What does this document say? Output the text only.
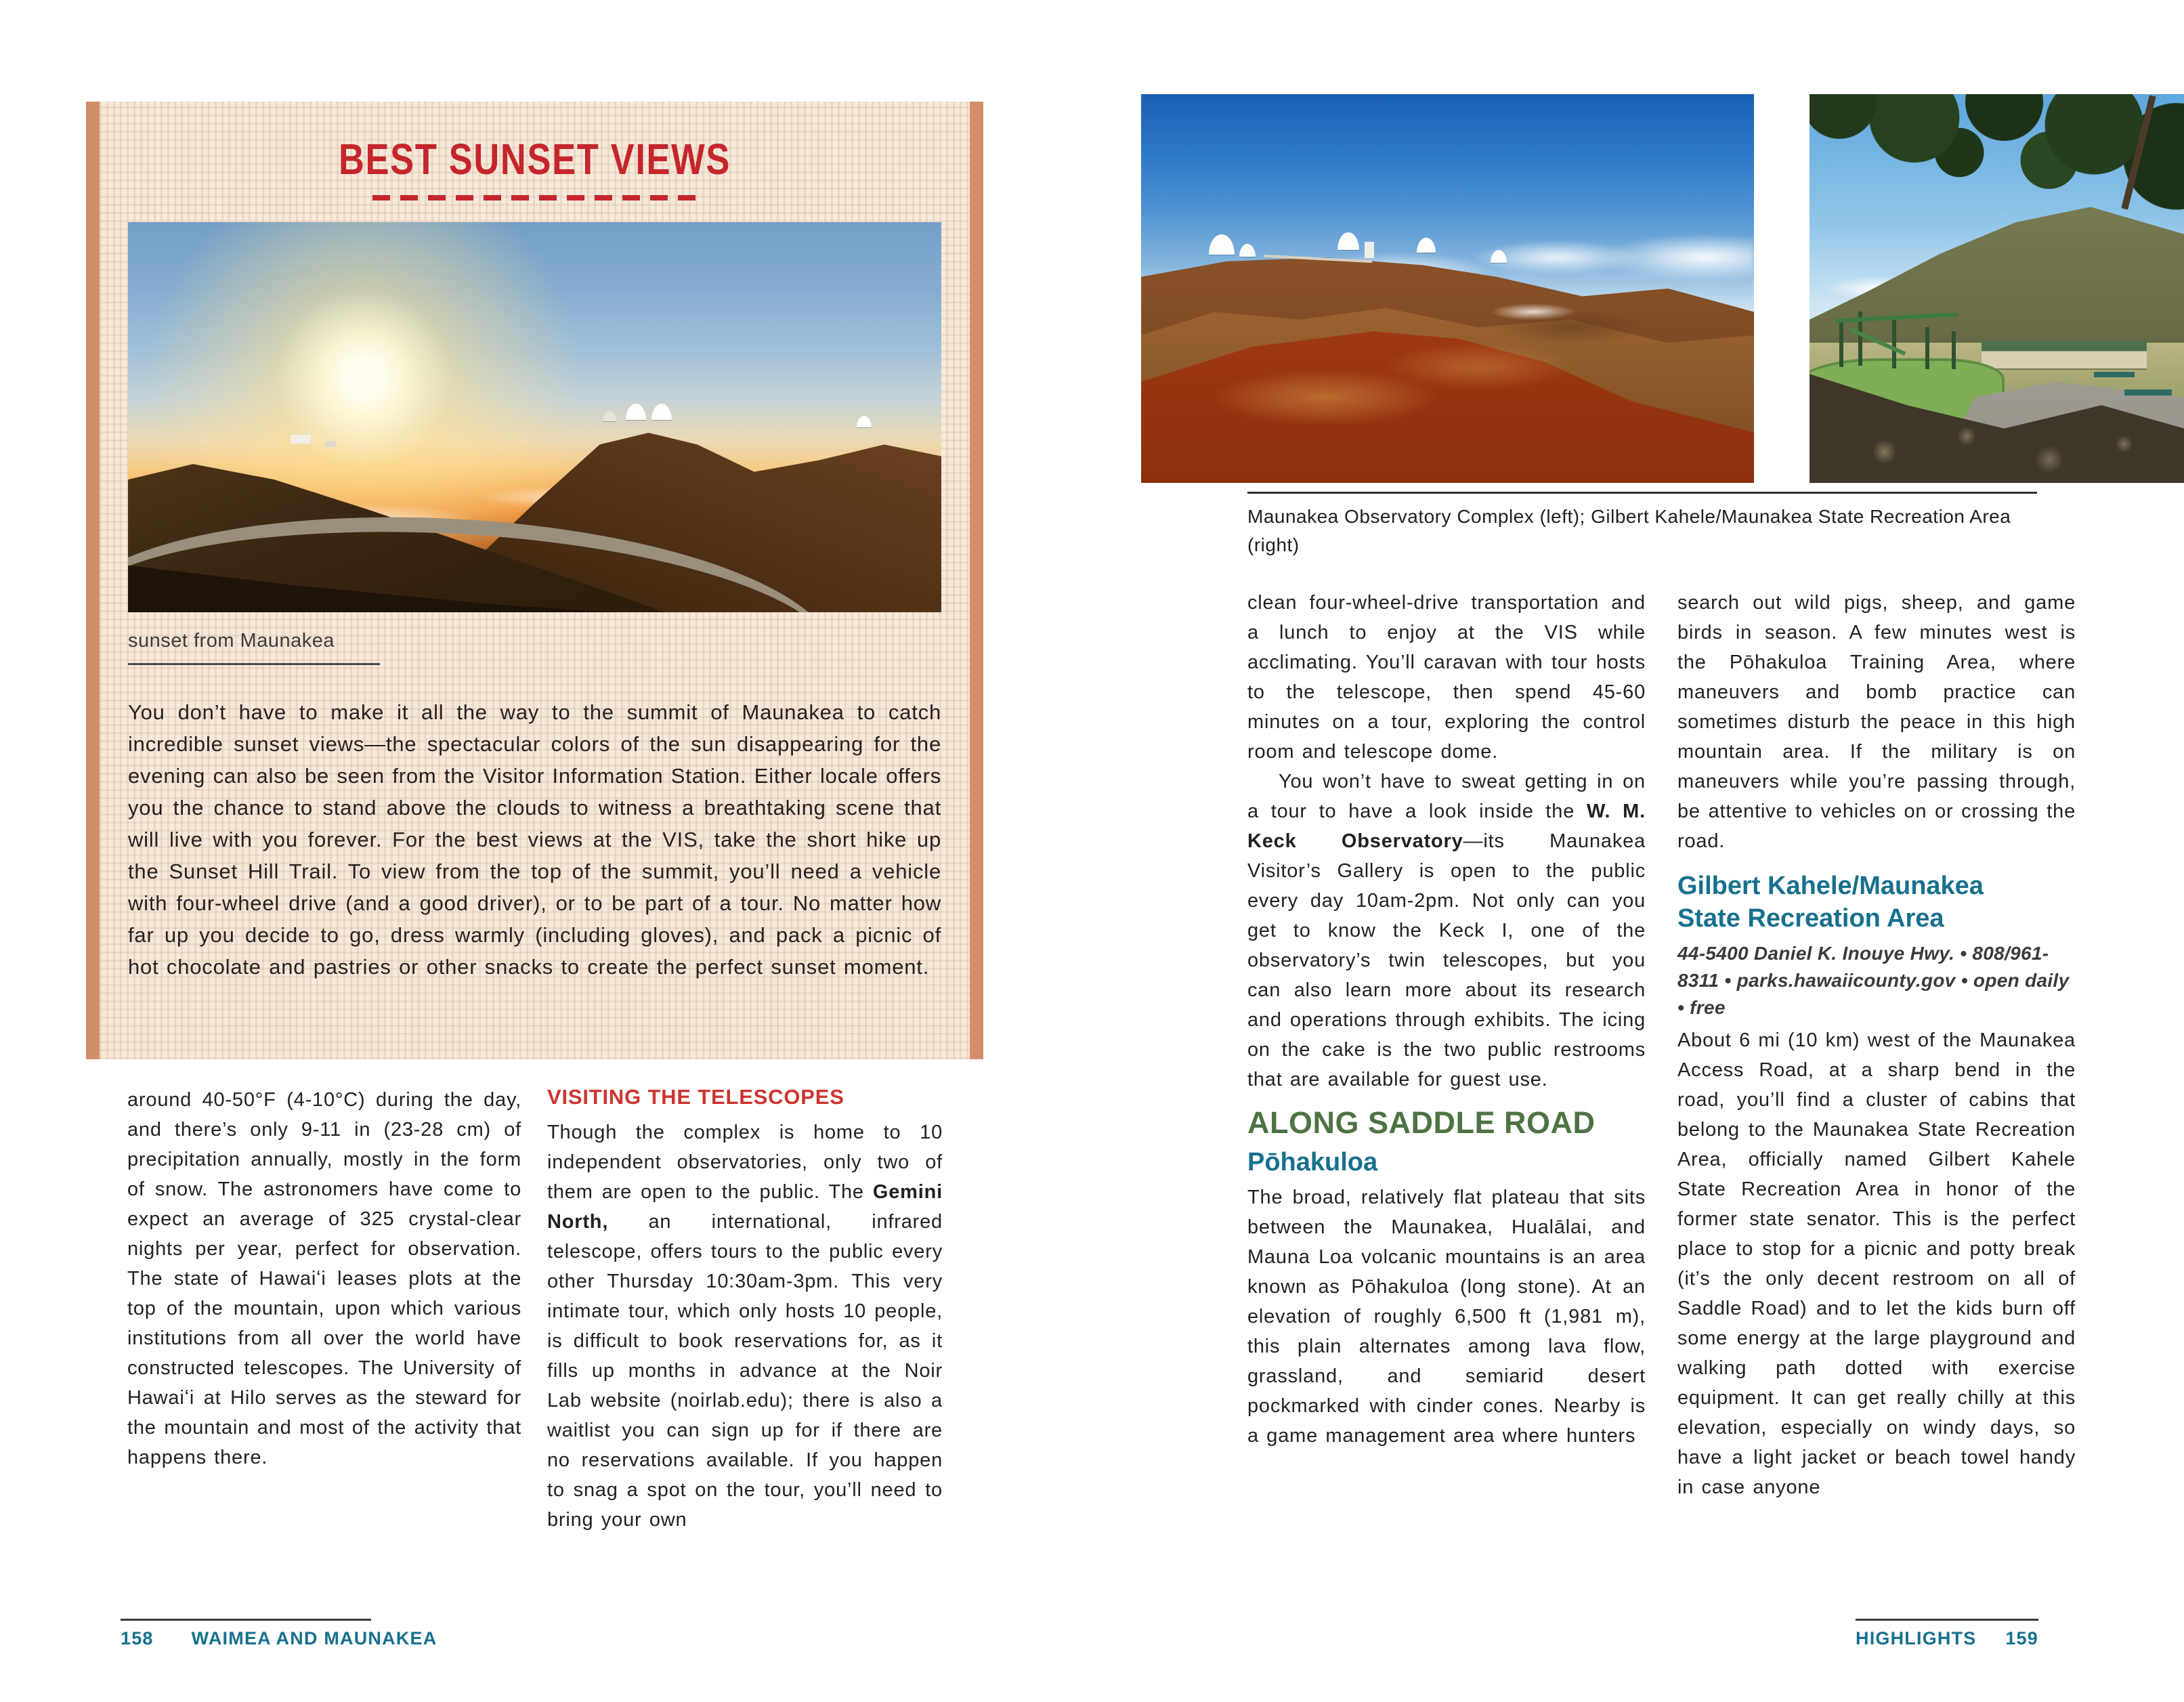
BEST SUNSET VIEWS
sunset from Maunakea

You don’t have to make it all the way to the summit of Maunakea to catch incredible sunset views—the spectacular colors of the sun disappearing for the evening can also be seen from the Visitor Information Station. Either locale offers you the chance to stand above the clouds to witness a breathtaking scene that will live with you forever. For the best views at the VIS, take the short hike up the Sunset Hill Trail. To view from the top of the summit, you’ll need a vehicle with four-wheel drive (and a good driver), or to be part of a tour. No matter how far up you decide to go, dress warmly (including gloves), and pack a picnic of hot chocolate and pastries or other snacks to create the perfect sunset moment.

around 40-50°F (4-10°C) during the day, and there’s only 9-11 in (23-28 cm) of precipitation annually, mostly in the form of snow. The astronomers have come to expect an average of 325 crystal-clear nights per year, perfect for observation. The state of Hawaiʻi leases plots at the top of the mountain, upon which various institutions from all over the world have constructed telescopes. The University of Hawaiʻi at Hilo serves as the steward for the mountain and most of the activity that happens there.

VISITING THE TELESCOPES

Though the complex is home to 10 independent observatories, only two of them are open to the public. The Gemini North, an international, infrared telescope, offers tours to the public every other Thursday 10:30am-3pm. This very intimate tour, which only hosts 10 people, is difficult to book reservations for, as it fills up months in advance at the Noir Lab website (noirlab.edu); there is also a waitlist you can sign up for if there are no reservations available. If you happen to snag a spot on the tour, you’ll need to bring your own

158 WAIMEA AND MAUNAKEA
Maunakea Observatory Complex (left); Gilbert Kahele/Maunakea State Recreation Area
(right)

clean four-wheel-drive transportation and a lunch to enjoy at the VIS while acclimating. You’ll caravan with tour hosts to the telescope, then spend 45-60 minutes on a tour, exploring the control room and telescope dome.

You won’t have to sweat getting in on a tour to have a look inside the W. M. Keck Observatory—its Maunakea Visitor’s Gallery is open to the public every day 10am-2pm. Not only can you get to know the Keck I, one of the observatory’s twin telescopes, but you can also learn more about its research and operations through exhibits. The icing on the cake is the two public restrooms that are available for guest use.

ALONG SADDLE ROAD
Pōhakuloa

The broad, relatively flat plateau that sits between the Maunakea, Hualālai, and Mauna Loa volcanic mountains is an area known as Pōhakuloa (long stone). At an elevation of roughly 6,500 ft (1,981 m), this plain alternates among lava flow, grassland, and semiarid desert pockmarked with cinder cones. Nearby is a game management area where hunters

search out wild pigs, sheep, and game birds in season. A few minutes west is the Pōhakuloa Training Area, where maneuvers and bomb practice can sometimes disturb the peace in this high mountain area. If the military is on maneuvers while you’re passing through, be attentive to vehicles on or crossing the road.

Gilbert Kahele/Maunakea
State Recreation Area
44-5400 Daniel K. Inouye Hwy. • 808/961-8311 • parks.hawaiicounty.gov • open daily • free

About 6 mi (10 km) west of the Maunakea Access Road, at a sharp bend in the road, you’ll find a cluster of cabins that belong to the Maunakea State Recreation Area, officially named Gilbert Kahele State Recreation Area in honor of the former state senator. This is the perfect place to stop for a picnic and potty break (it’s the only decent restroom on all of Saddle Road) and to let the kids burn off some energy at the large playground and walking path dotted with exercise equipment. It can get really chilly at this elevation, especially on windy days, so have a light jacket or beach towel handy in case anyone

HIGHLIGHTS 159
